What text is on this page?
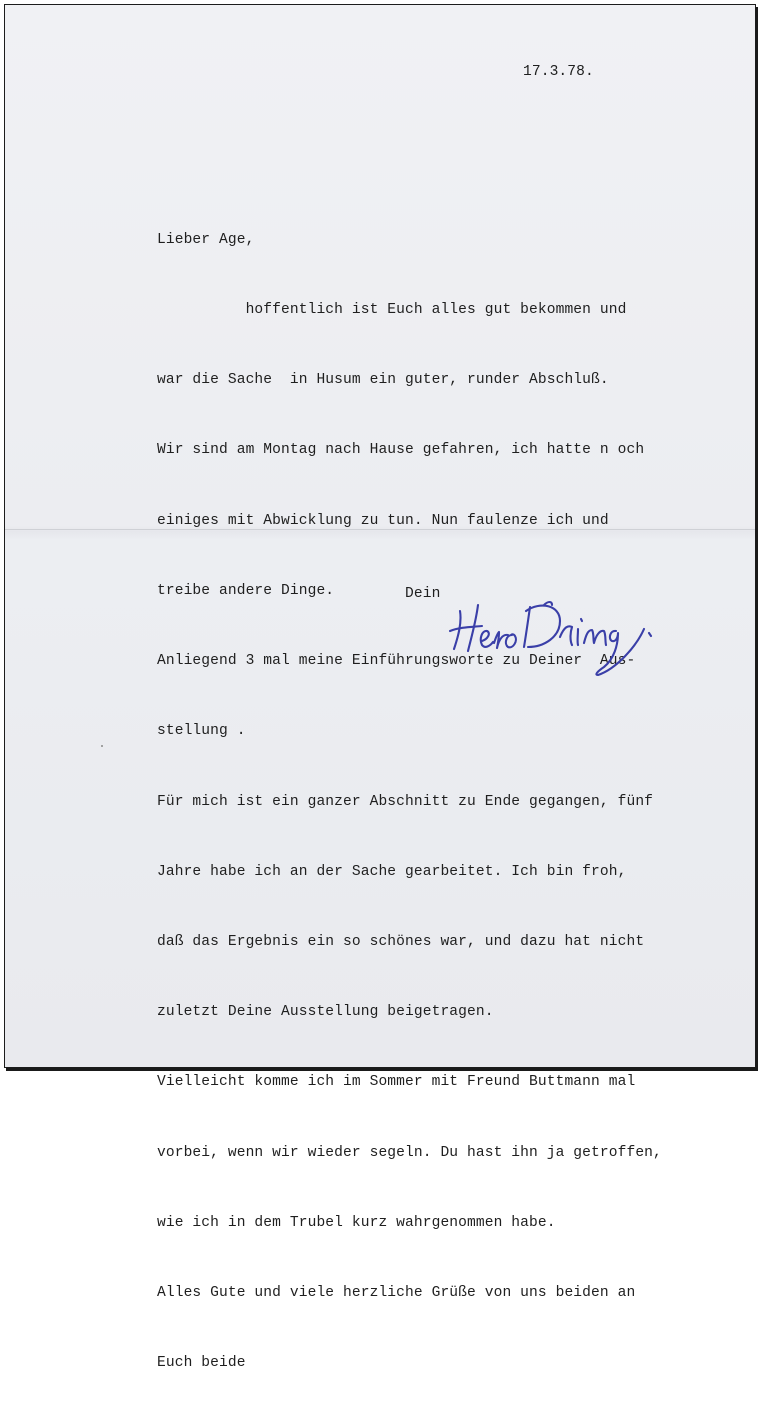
17.3.78.

Lieber Age,

hoffentlich ist Euch alles gut bekommen und

war die Sache  in Husum ein guter, runder Abschluß.

Wir sind am Montag nach Hause gefahren, ich hatte n och

einiges mit Abwicklung zu tun. Nun faulenze ich und

treibe andere Dinge.

Anliegend 3 mal meine Einführungsworte zu Deiner  Aus-

stellung .

Für mich ist ein ganzer Abschnitt zu Ende gegangen, fünf

Jahre habe ich an der Sache gearbeitet. Ich bin froh,

daß das Ergebnis ein so schönes war, und dazu hat nicht

zuletzt Deine Ausstellung beigetragen.

Vielleicht komme ich im Sommer mit Freund Buttmann mal

vorbei, wenn wir wieder segeln. Du hast ihn ja getroffen,

wie ich in dem Trubel kurz wahrgenommen habe.

Alles Gute und viele herzliche Grüße von uns beiden an

Euch beide

Dein
